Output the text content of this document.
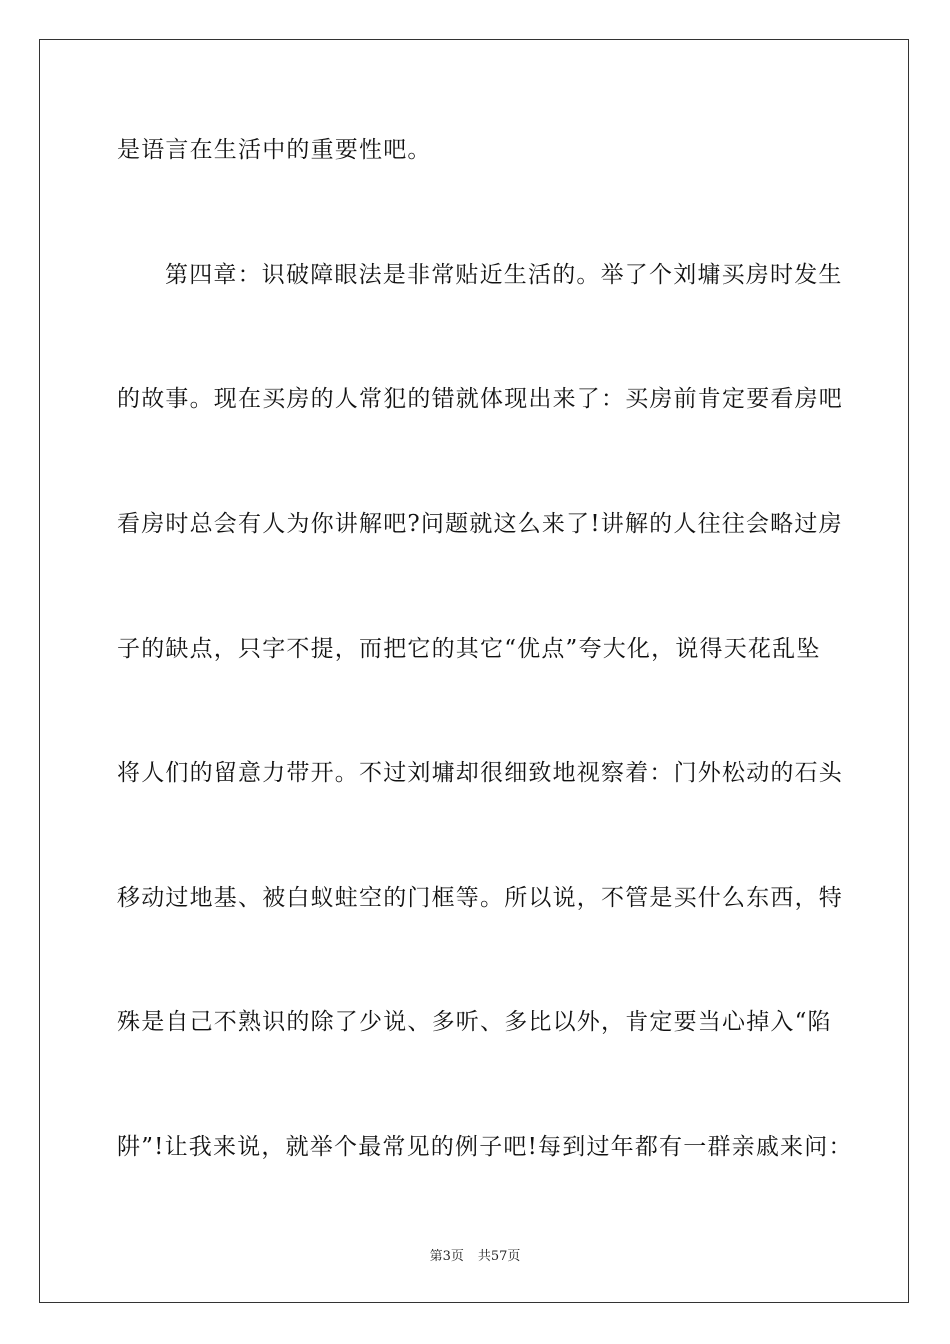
是语言在生活中的重要性吧。
第四章：识破障眼法是非常贴近生活的。举了个刘墉买房时发生
的故事。现在买房的人常犯的错就体现出来了：买房前肯定要看房吧
看房时总会有人为你讲解吧?问题就这么来了!讲解的人往往会略过房
子的缺点，只字不提，而把它的其它“优点”夸大化，说得天花乱坠
将人们的留意力带开。不过刘墉却很细致地视察着：门外松动的石头
移动过地基、被白蚁蛀空的门框等。所以说，不管是买什么东西，特
殊是自己不熟识的除了少说、多听、多比以外，肯定要当心掉入“陷
阱”!让我来说，就举个最常见的例子吧!每到过年都有一群亲戚来问：
第3页 共57页
